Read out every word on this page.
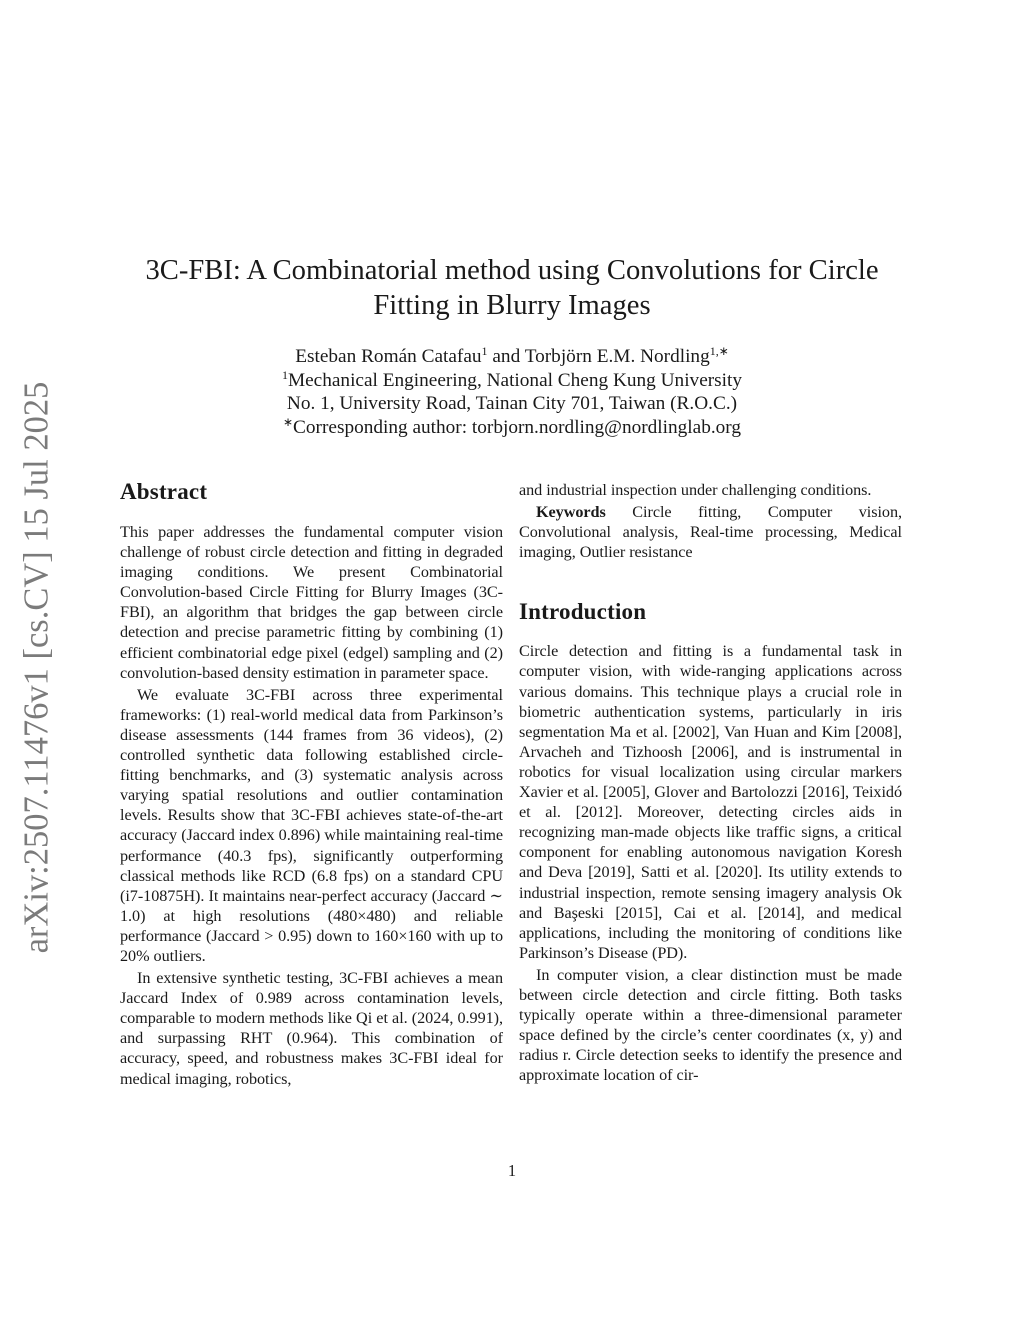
arXiv:2507.11476v1 [cs.CV] 15 Jul 2025
3C-FBI: A Combinatorial method using Convolutions for Circle
Fitting in Blurry Images
Esteban Román Catafau$^1$ and Torbjörn E.M. Nordling$^{1,∗}$
$^1$Mechanical Engineering, National Cheng Kung University
No. 1, University Road, Tainan City 701, Taiwan (R.O.C.)
∗Corresponding author: torbjorn.nordling@nordlinglab.org
Abstract

This paper addresses the fundamental computer vision challenge of robust circle detection and fitting in degraded imaging conditions. We present Combinatorial Convolution-based Circle Fitting for Blurry Images (3C-FBI), an algorithm that bridges the gap between circle detection and precise parametric fitting by combining (1) efficient combinatorial edge pixel (edgel) sampling and (2) convolution-based density estimation in parameter space.

We evaluate 3C-FBI across three experimental frameworks: (1) real-world medical data from Parkinson’s disease assessments (144 frames from 36 videos), (2) controlled synthetic data following established circle-fitting benchmarks, and (3) systematic analysis across varying spatial resolutions and outlier contamination levels. Results show that 3C-FBI achieves state-of-the-art accuracy (Jaccard index 0.896) while maintaining real-time performance (40.3 fps), significantly outperforming classical methods like RCD (6.8 fps) on a standard CPU (i7-10875H). It maintains near-perfect accuracy (Jaccard ∼ 1.0) at high resolutions (480×480) and reliable performance (Jaccard > 0.95) down to 160×160 with up to 20% outliers.

In extensive synthetic testing, 3C-FBI achieves a mean Jaccard Index of 0.989 across contamination levels, comparable to modern methods like Qi et al. (2024, 0.991), and surpassing RHT (0.964). This combination of accuracy, speed, and robustness makes 3C-FBI ideal for medical imaging, robotics,

and industrial inspection under challenging conditions.

Keywords Circle fitting, Computer vision, Convolutional analysis, Real-time processing, Medical imaging, Outlier resistance

Introduction

Circle detection and fitting is a fundamental task in computer vision, with wide-ranging applications across various domains. This technique plays a crucial role in biometric authentication systems, particularly in iris segmentation Ma et al. [2002], Van Huan and Kim [2008], Arvacheh and Tizhoosh [2006], and is instrumental in robotics for visual localization using circular markers Xavier et al. [2005], Glover and Bartolozzi [2016], Teixidó et al. [2012]. Moreover, detecting circles aids in recognizing man-made objects like traffic signs, a critical component for enabling autonomous navigation Koresh and Deva [2019], Satti et al. [2020]. Its utility extends to industrial inspection, remote sensing imagery analysis Ok and Başeski [2015], Cai et al. [2014], and medical applications, including the monitoring of conditions like Parkinson’s Disease (PD).

In computer vision, a clear distinction must be made between circle detection and circle fitting. Both tasks typically operate within a three-dimensional parameter space defined by the circle’s center coordinates (x, y) and radius r. Circle detection seeks to identify the presence and approximate location of cir-

1
